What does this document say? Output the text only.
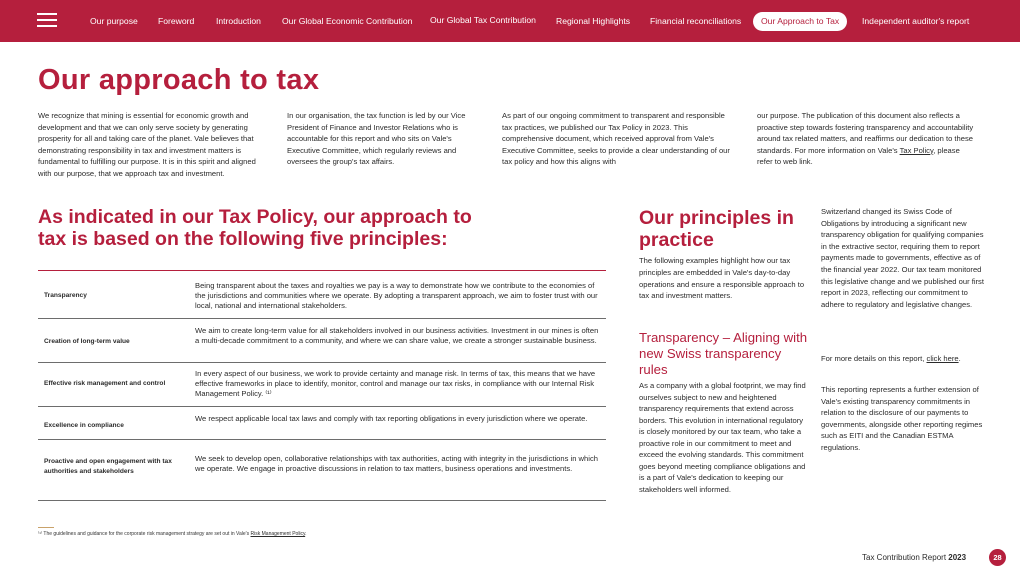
Our purpose Foreword	Introduction Our Global Economic Contribution Our Global Tax Contribution Regional Highlights Financial reconciliations	Our Approach to Tax	Independent auditor's report
Our approach to tax
We recognize that mining is essential for economic growth and development and that we can only serve society by generating prosperity for all and taking care of the planet. Vale believes that demonstrating responsibility in tax and investment matters is fundamental to fulfilling our purpose. It is in this spirit and aligned with our purpose, that we approach tax and investment.
In our organisation, the tax function is led by our Vice President of Finance and Investor Relations who is accountable for this report and who sits on Vale's Executive Committee, which regularly reviews and oversees the group's tax affairs.
As part of our ongoing commitment to transparent and responsible tax practices, we published our Tax Policy in 2023. This comprehensive document, which received approval from Vale's Executive Committee, seeks to provide a clear understanding of our tax policy and how this aligns with
our purpose. The publication of this document also reflects a proactive step towards fostering transparency and accountability around tax related matters, and reaffirms our dedication to these standards. For more information on Vale's Tax Policy, please refer to web link.
As indicated in our Tax Policy, our approach to tax is based on the following five principles:
Transparency
Being transparent about the taxes and royalties we pay is a way to demonstrate how we contribute to the economies of the jurisdictions and communities where we operate. By adopting a transparent approach, we aim to foster trust with our local, national and international stakeholders.
Creation of long-term value
We aim to create long-term value for all stakeholders involved in our business activities. Investment in our mines is often a multi-decade commitment to a community, and where we can share value, we create a stronger sustainable business.
Effective risk management and control
In every aspect of our business, we work to provide certainty and manage risk. In terms of tax, this means that we have effective frameworks in place to identify, monitor, control and manage our tax risks, in compliance with our Internal Risk Management Policy. ⁽¹⁾
Excellence in compliance
We respect applicable local tax laws and comply with tax reporting obligations in every jurisdiction where we operate.
Proactive and open engagement with tax authorities and stakeholders
We seek to develop open, collaborative relationships with tax authorities, acting with integrity in the jurisdictions in which we operate. We engage in proactive discussions in relation to tax matters, business operations and investments.
⁽¹⁾ The guidelines and guidance for the corporate risk management strategy are set out in Vale's Risk Management Policy.
Our principles in practice
The following examples highlight how our tax principles are embedded in Vale's day-to-day operations and ensure a responsible approach to tax and investment matters.
Transparency – Aligning with new Swiss transparency rules
As a company with a global footprint, we may find ourselves subject to new and heightened transparency requirements that extend across borders. This evolution in international regulatory is closely monitored by our tax team, who take a proactive role in our commitment to meet and exceed the evolving standards. This commitment goes beyond meeting compliance obligations and is a part of Vale's dedication to keeping our stakeholders well informed.
Switzerland changed its Swiss Code of Obligations by introducing a significant new transparency obligation for qualifying companies in the extractive sector, requiring them to report payments made to governments, effective as of the financial year 2022. Our tax team monitored this legislative change and we published our first report in 2023, reflecting our commitment to adhere to regulatory and legislative changes.
For more details on this report, click here.
This reporting represents a further extension of Vale's existing transparency commitments in relation to the disclosure of our payments to governments, alongside other reporting regimes such as EITI and the Canadian ESTMA regulations.
Tax Contribution Report 2023	28
